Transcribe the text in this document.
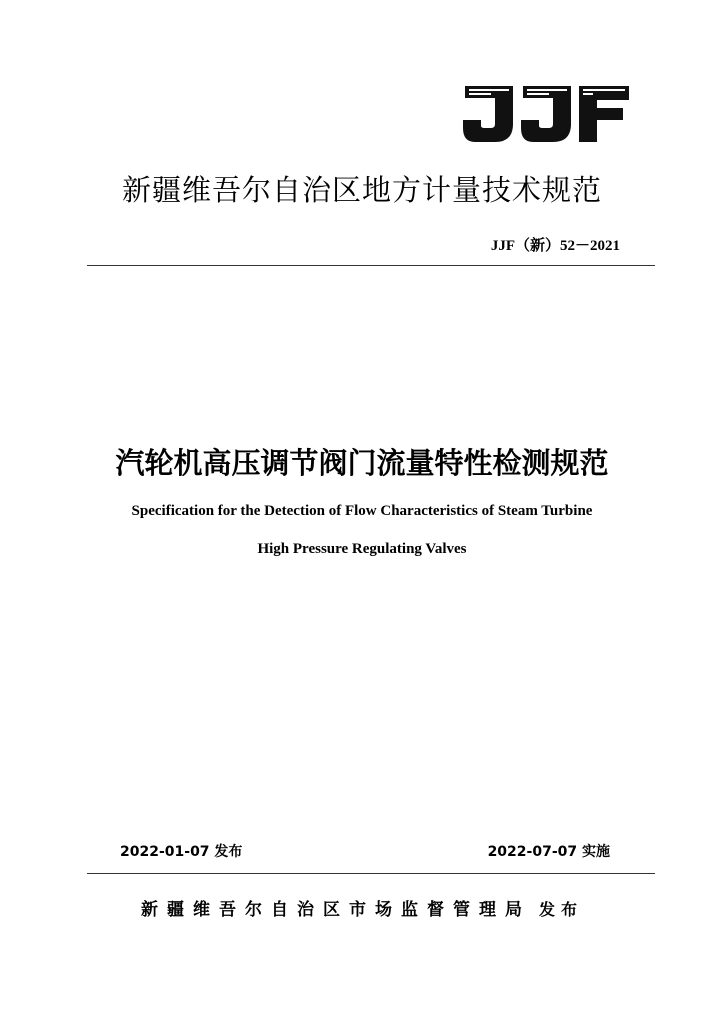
新疆维吾尔自治区地方计量技术规范
JJF（新）52－2021
汽轮机高压调节阀门流量特性检测规范
Specification for the Detection of Flow Characteristics of Steam Turbine
High Pressure Regulating Valves
2022-01-07 发布	2022-07-07 实施
新疆维吾尔自治区市场监督管理局 发布
